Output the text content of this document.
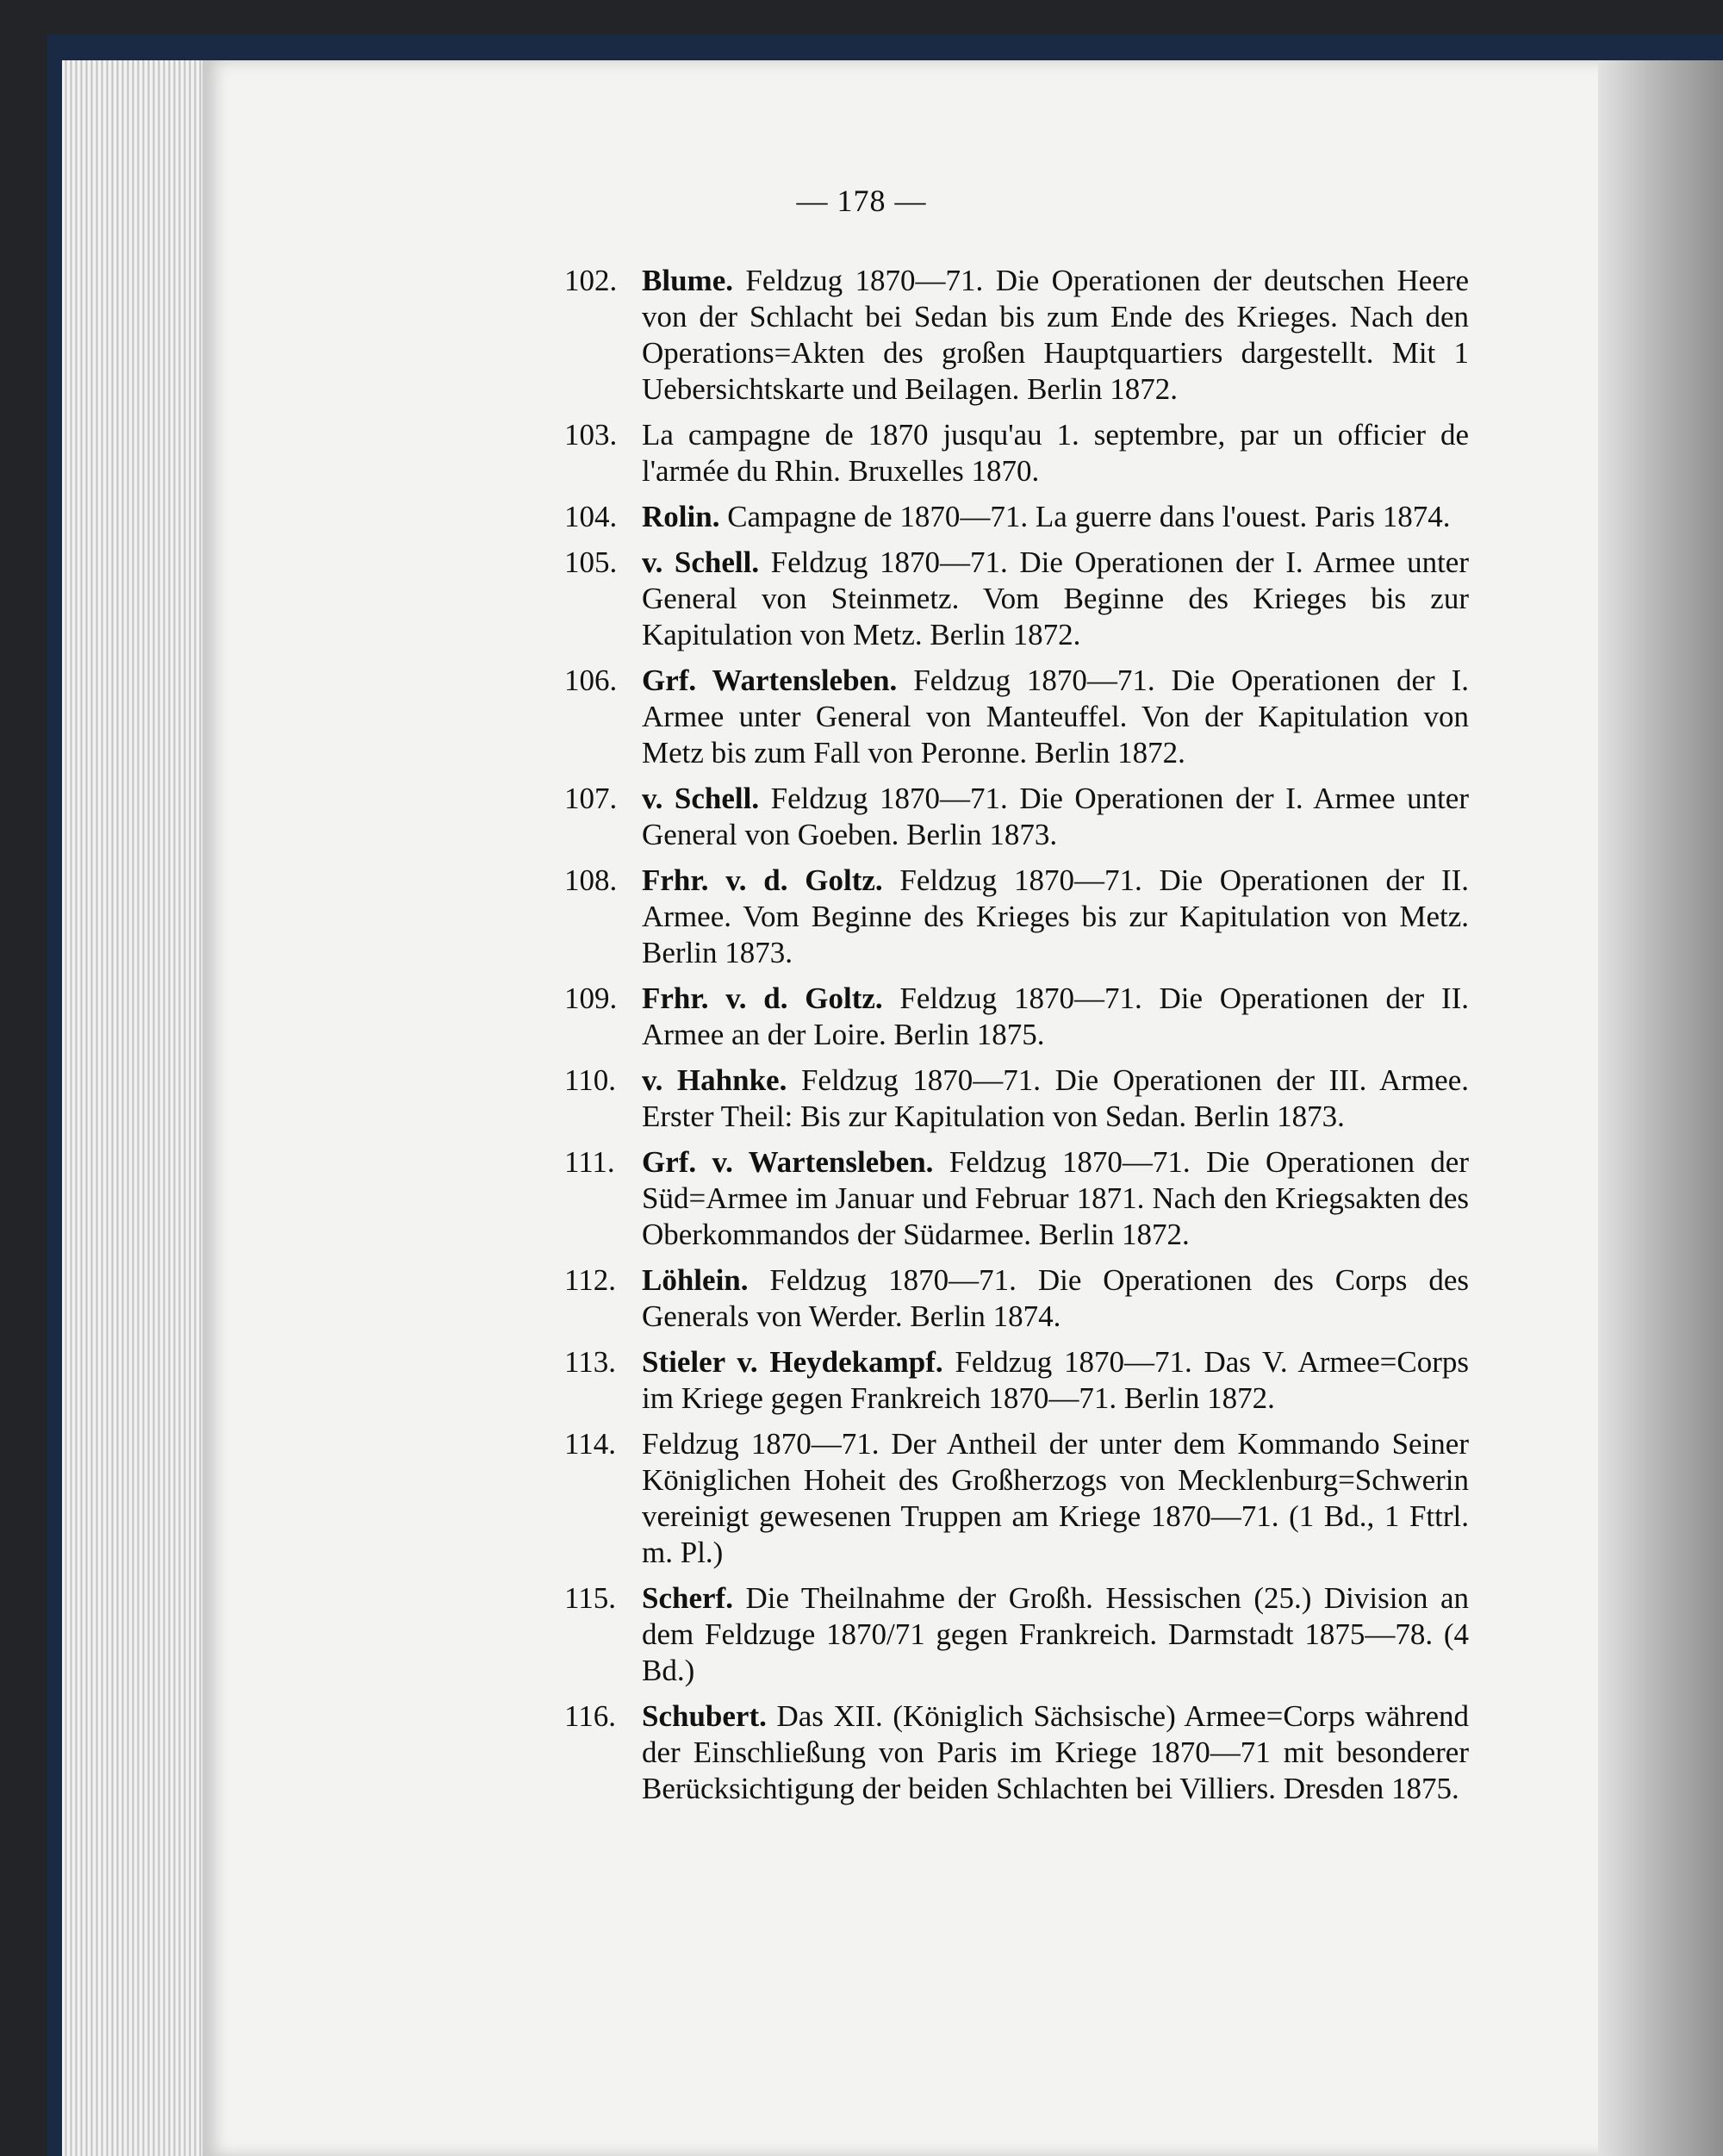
— 178 —
102. Blume. Feldzug 1870—71. Die Operationen der deutschen Heere von der Schlacht bei Sedan bis zum Ende des Krieges. Nach den Operations=Akten des großen Hauptquartiers dargestellt. Mit 1 Uebersichtskarte und Beilagen. Berlin 1872.
103. La campagne de 1870 jusqu'au 1. septembre, par un officier de l'armée du Rhin. Bruxelles 1870.
104. Rolin. Campagne de 1870—71. La guerre dans l'ouest. Paris 1874.
105. v. Schell. Feldzug 1870—71. Die Operationen der I. Armee unter General von Steinmetz. Vom Beginne des Krieges bis zur Kapitulation von Metz. Berlin 1872.
106. Grf. Wartensleben. Feldzug 1870—71. Die Operationen der I. Armee unter General von Manteuffel. Von der Kapitulation von Metz bis zum Fall von Peronne. Berlin 1872.
107. v. Schell. Feldzug 1870—71. Die Operationen der I. Armee unter General von Goeben. Berlin 1873.
108. Frhr. v. d. Goltz. Feldzug 1870—71. Die Operationen der II. Armee. Vom Beginne des Krieges bis zur Kapitulation von Metz. Berlin 1873.
109. Frhr. v. d. Goltz. Feldzug 1870—71. Die Operationen der II. Armee an der Loire. Berlin 1875.
110. v. Hahnke. Feldzug 1870—71. Die Operationen der III. Armee. Erster Theil: Bis zur Kapitulation von Sedan. Berlin 1873.
111. Grf. v. Wartensleben. Feldzug 1870—71. Die Operationen der Süd=Armee im Januar und Februar 1871. Nach den Kriegsakten des Oberkommandos der Südarmee. Berlin 1872.
112. Löhlein. Feldzug 1870—71. Die Operationen des Corps des Generals von Werder. Berlin 1874.
113. Stieler v. Heydekampf. Feldzug 1870—71. Das V. Armee=Corps im Kriege gegen Frankreich 1870—71. Berlin 1872.
114. Feldzug 1870—71. Der Antheil der unter dem Kommando Seiner Königlichen Hoheit des Großherzogs von Mecklenburg=Schwerin vereinigt gewesenen Truppen am Kriege 1870—71. (1 Bd., 1 Fttrl. m. Pl.)
115. Scherf. Die Theilnahme der Großh. Hessischen (25.) Division an dem Feldzuge 1870/71 gegen Frankreich. Darmstadt 1875—78. (4 Bd.)
116. Schubert. Das XII. (Königlich Sächsische) Armee=Corps während der Einschließung von Paris im Kriege 1870—71 mit besonderer Berücksichtigung der beiden Schlachten bei Villiers. Dresden 1875.
